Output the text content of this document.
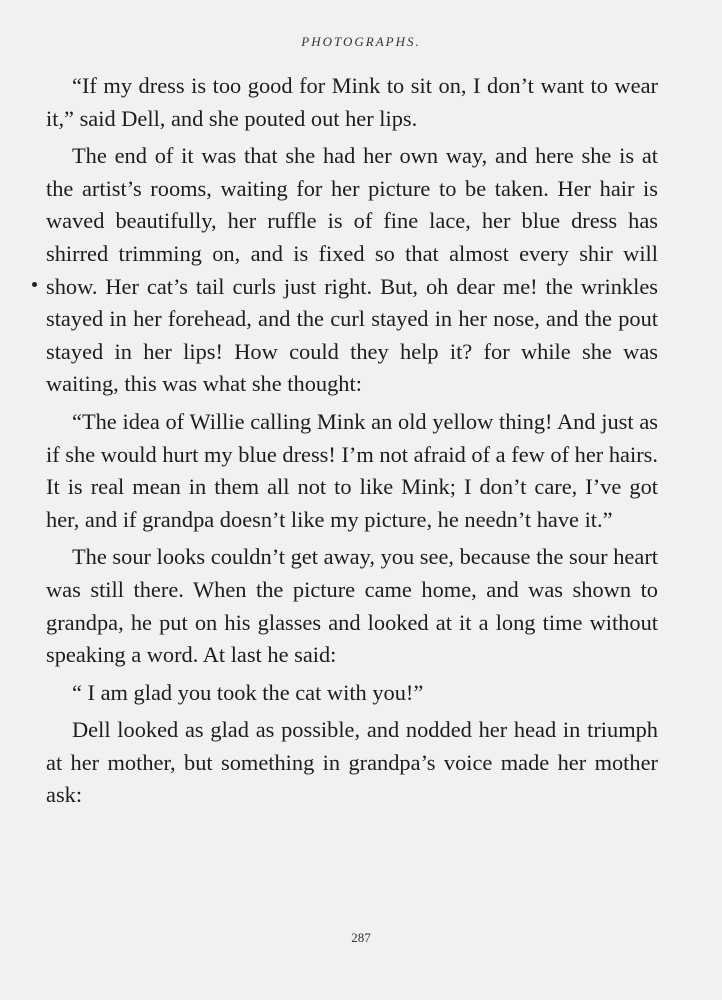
PHOTOGRAPHS.

“If my dress is too good for Mink to sit on, I don’t want to wear it,” said Dell, and she pouted out her lips.

The end of it was that she had her own way, and here she is at the artist’s rooms, waiting for her picture to be taken. Her hair is waved beautifully, her ruffle is of fine lace, her blue dress has shirred trimming on, and is fixed so that almost every shir will show. Her cat’s tail curls just right. But, oh dear me! the wrinkles stayed in her forehead, and the curl stayed in her nose, and the pout stayed in her lips! How could they help it? for while she was waiting, this was what she thought:

“The idea of Willie calling Mink an old yellow thing! And just as if she would hurt my blue dress! I’m not afraid of a few of her hairs. It is real mean in them all not to like Mink; I don’t care, I’ve got her, and if grandpa doesn’t like my picture, he needn’t have it.”

The sour looks couldn’t get away, you see, because the sour heart was still there. When the picture came home, and was shown to grandpa, he put on his glasses and looked at it a long time without speaking a word. At last he said:

“ I am glad you took the cat with you!”

Dell looked as glad as possible, and nodded her head in triumph at her mother, but something in grandpa’s voice made her mother ask:

287
